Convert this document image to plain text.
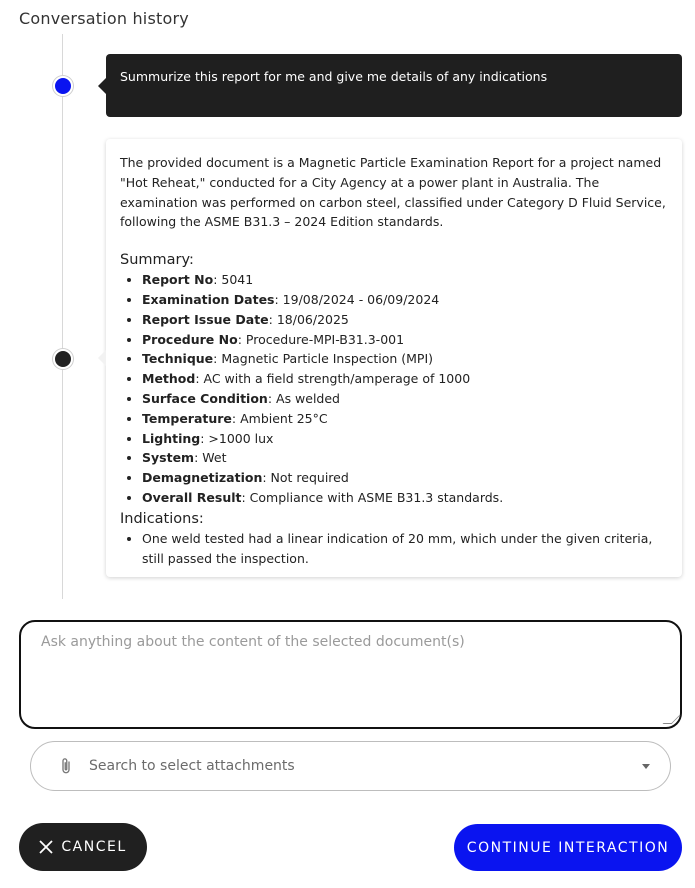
Conversation history
Summurize this report for me and give me details of any indications

The provided document is a Magnetic Particle Examination Report for a project named "Hot Reheat," conducted for a City Agency at a power plant in Australia. The examination was performed on carbon steel, classified under Category D Fluid Service, following the ASME B31.3 – 2024 Edition standards.

Summary:
• Report No: 5041
• Examination Dates: 19/08/2024 - 06/09/2024
• Report Issue Date: 18/06/2025
• Procedure No: Procedure-MPI-B31.3-001
• Technique: Magnetic Particle Inspection (MPI)
• Method: AC with a field strength/amperage of 1000
• Surface Condition: As welded
• Temperature: Ambient 25°C
• Lighting: >1000 lux
• System: Wet
• Demagnetization: Not required
• Overall Result: Compliance with ASME B31.3 standards.
Indications:
• One weld tested had a linear indication of 20 mm, which under the given criteria, still passed the inspection.
Ask anything about the content of the selected document(s)
Search to select attachments
CANCEL	CONTINUE INTERACTION
